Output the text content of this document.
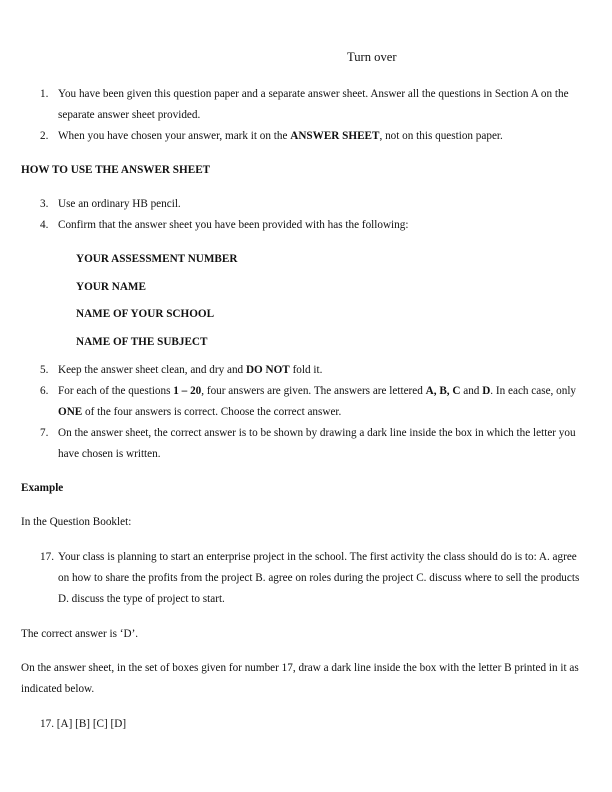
Turn over
1. You have been given this question paper and a separate answer sheet. Answer all the questions in Section A on the separate answer sheet provided.
2. When you have chosen your answer, mark it on the ANSWER SHEET, not on this question paper.
HOW TO USE THE ANSWER SHEET
3. Use an ordinary HB pencil.
4. Confirm that the answer sheet you have been provided with has the following:
YOUR ASSESSMENT NUMBER
YOUR NAME
NAME OF YOUR SCHOOL
NAME OF THE SUBJECT
5. Keep the answer sheet clean, and dry and DO NOT fold it.
6. For each of the questions 1 – 20, four answers are given. The answers are lettered A, B, C and D. In each case, only ONE of the four answers is correct. Choose the correct answer.
7. On the answer sheet, the correct answer is to be shown by drawing a dark line inside the box in which the letter you have chosen is written.
Example
In the Question Booklet:
17. Your class is planning to start an enterprise project in the school. The first activity the class should do is to: A. agree on how to share the profits from the project B. agree on roles during the project C. discuss where to sell the products D. discuss the type of project to start.
The correct answer is ‘D’.
On the answer sheet, in the set of boxes given for number 17, draw a dark line inside the box with the letter B printed in it as indicated below.
17. [A] [B] [C] [D]
